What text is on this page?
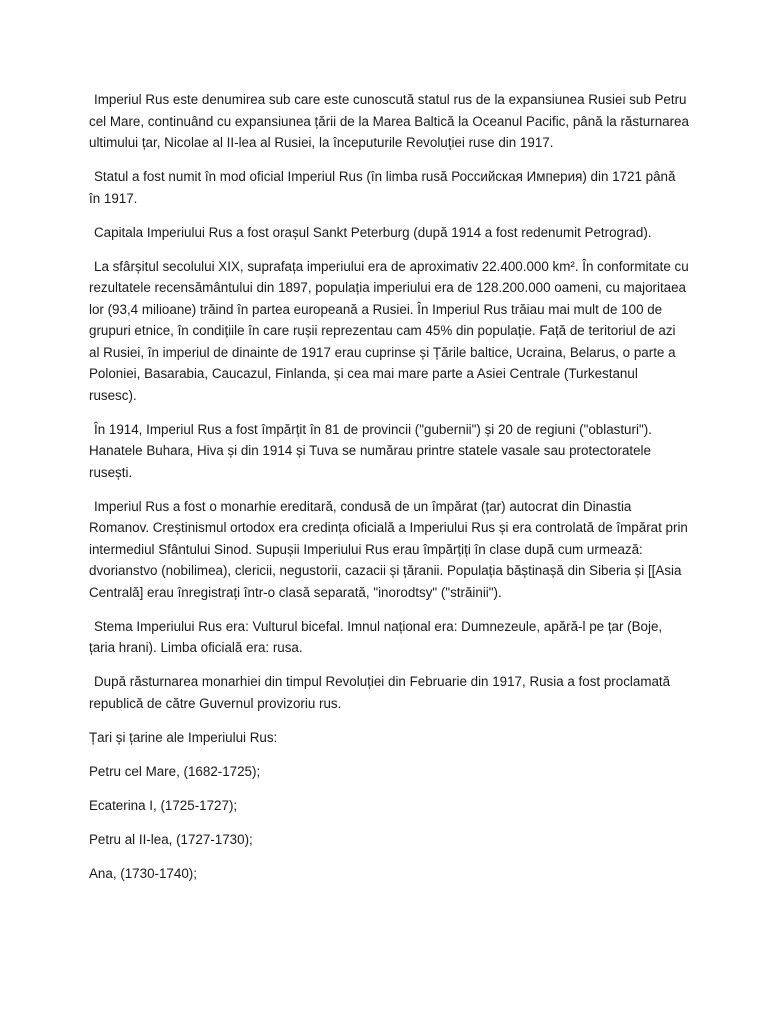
Imperiul Rus este denumirea sub care este cunoscută statul rus de la expansiunea Rusiei sub Petru cel Mare, continuând cu expansiunea țării de la Marea Baltică la Oceanul Pacific, până la răsturnarea ultimului țar, Nicolae al II-lea al Rusiei, la începuturile Revoluției ruse din 1917.

Statul a fost numit în mod oficial Imperiul Rus (în limba rusă Российская Империя) din 1721 până în 1917.

Capitala Imperiului Rus a fost orașul Sankt Peterburg (după 1914 a fost redenumit Petrograd).

La sfârșitul secolului XIX, suprafața imperiului era de aproximativ 22.400.000 km². În conformitate cu rezultatele recensământului din 1897, populația imperiului era de 128.200.000 oameni, cu majoritaea lor (93,4 milioane) trăind în partea europeană a Rusiei. În Imperiul Rus trăiau mai mult de 100 de grupuri etnice, în condițiile în care rușii reprezentau cam 45% din populație. Față de teritoriul de azi al Rusiei, în imperiul de dinainte de 1917 erau cuprinse și Țările baltice, Ucraina, Belarus, o parte a Poloniei, Basarabia, Caucazul, Finlanda, și cea mai mare parte a Asiei Centrale (Turkestanul rusesc).

În 1914, Imperiul Rus a fost împărțit în 81 de provincii ("gubernii") și 20 de regiuni ("oblasturi"). Hanatele Buhara, Hiva și din 1914 și Tuva se numărau printre statele vasale sau protectoratele rusești.

Imperiul Rus a fost o monarhie ereditară, condusă de un împărat (țar) autocrat din Dinastia Romanov. Creștinismul ortodox era credința oficială a Imperiului Rus și era controlată de împărat prin intermediul Sfântului Sinod. Supușii Imperiului Rus erau împărțiți în clase după cum urmează: dvorianstvo (nobilimea), clericii, negustorii, cazacii și țăranii. Populația băștinașă din Siberia și [[Asia Centrală] erau înregistrați într-o clasă separată, "inorodtsy" ("străinii").

Stema Imperiului Rus era: Vulturul bicefal. Imnul național era: Dumnezeule, apără-l pe țar (Boje, țaria hrani). Limba oficială era: rusa.

După răsturnarea monarhiei din timpul Revoluției din Februarie din 1917, Rusia a fost proclamată republică de către Guvernul provizoriu rus.

Țari și țarine ale Imperiului Rus:

Petru cel Mare, (1682-1725);

Ecaterina I, (1725-1727);

Petru al II-lea, (1727-1730);

Ana, (1730-1740);
